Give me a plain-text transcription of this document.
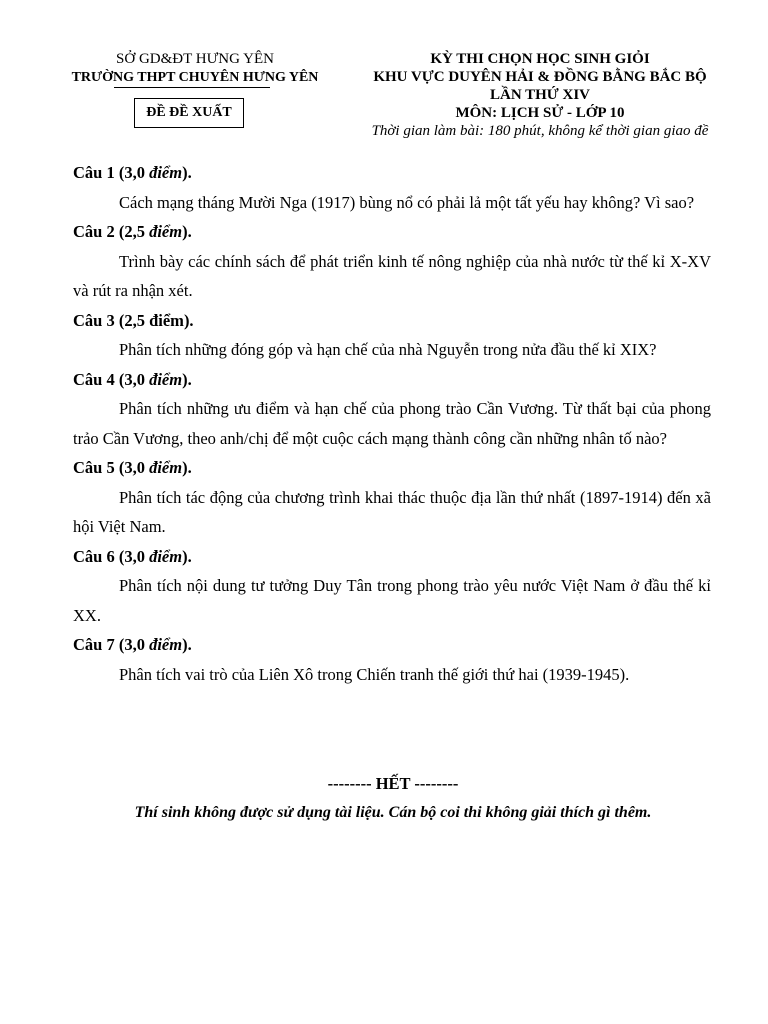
SỞ GD&ĐT HƯNG YÊN
TRƯỜNG THPT CHUYÊN HƯNG YÊN
ĐỀ ĐỀ XUẤT
KỲ THI CHỌN HỌC SINH GIỎI
KHU VỰC DUYÊN HẢI & ĐỒNG BẰNG BẮC BỘ
LẦN THỨ XIV
MÔN: LỊCH SỬ - LỚP 10
Thời gian làm bài: 180 phút, không kể thời gian giao đề
Câu 1 (3,0 điểm).
Cách mạng tháng Mười Nga (1917) bùng nổ có phải lả một tất yếu hay không? Vì sao?
Câu 2 (2,5 điểm).
Trình bày các chính sách để phát triển kinh tế nông nghiệp của nhà nước từ thế kỉ X-XV và rút ra nhận xét.
Câu 3 (2,5 điểm).
Phân tích những đóng góp và hạn chế của nhà Nguyễn trong nửa đầu thế kỉ XIX?
Câu 4 (3,0 điểm).
Phân tích những ưu điểm và hạn chế của phong trào Cần Vương. Từ thất bại của phong trảo Cần Vương, theo anh/chị để một cuộc cách mạng thành công cần những nhân tố nào?
Câu 5 (3,0 điểm).
Phân tích tác động của chương trình khai thác thuộc địa lần thứ nhất (1897-1914) đến xã hội Việt Nam.
Câu 6 (3,0 điểm).
Phân tích nội dung tư tưởng Duy Tân trong phong trào yêu nước Việt Nam ở đầu thế kỉ XX.
Câu 7 (3,0 điểm).
Phân tích vai trò của Liên Xô trong Chiến tranh thế giới thứ hai (1939-1945).
-------- HẾT --------
Thí sinh không được sử dụng tài liệu. Cán bộ coi thi không giải thích gì thêm.
